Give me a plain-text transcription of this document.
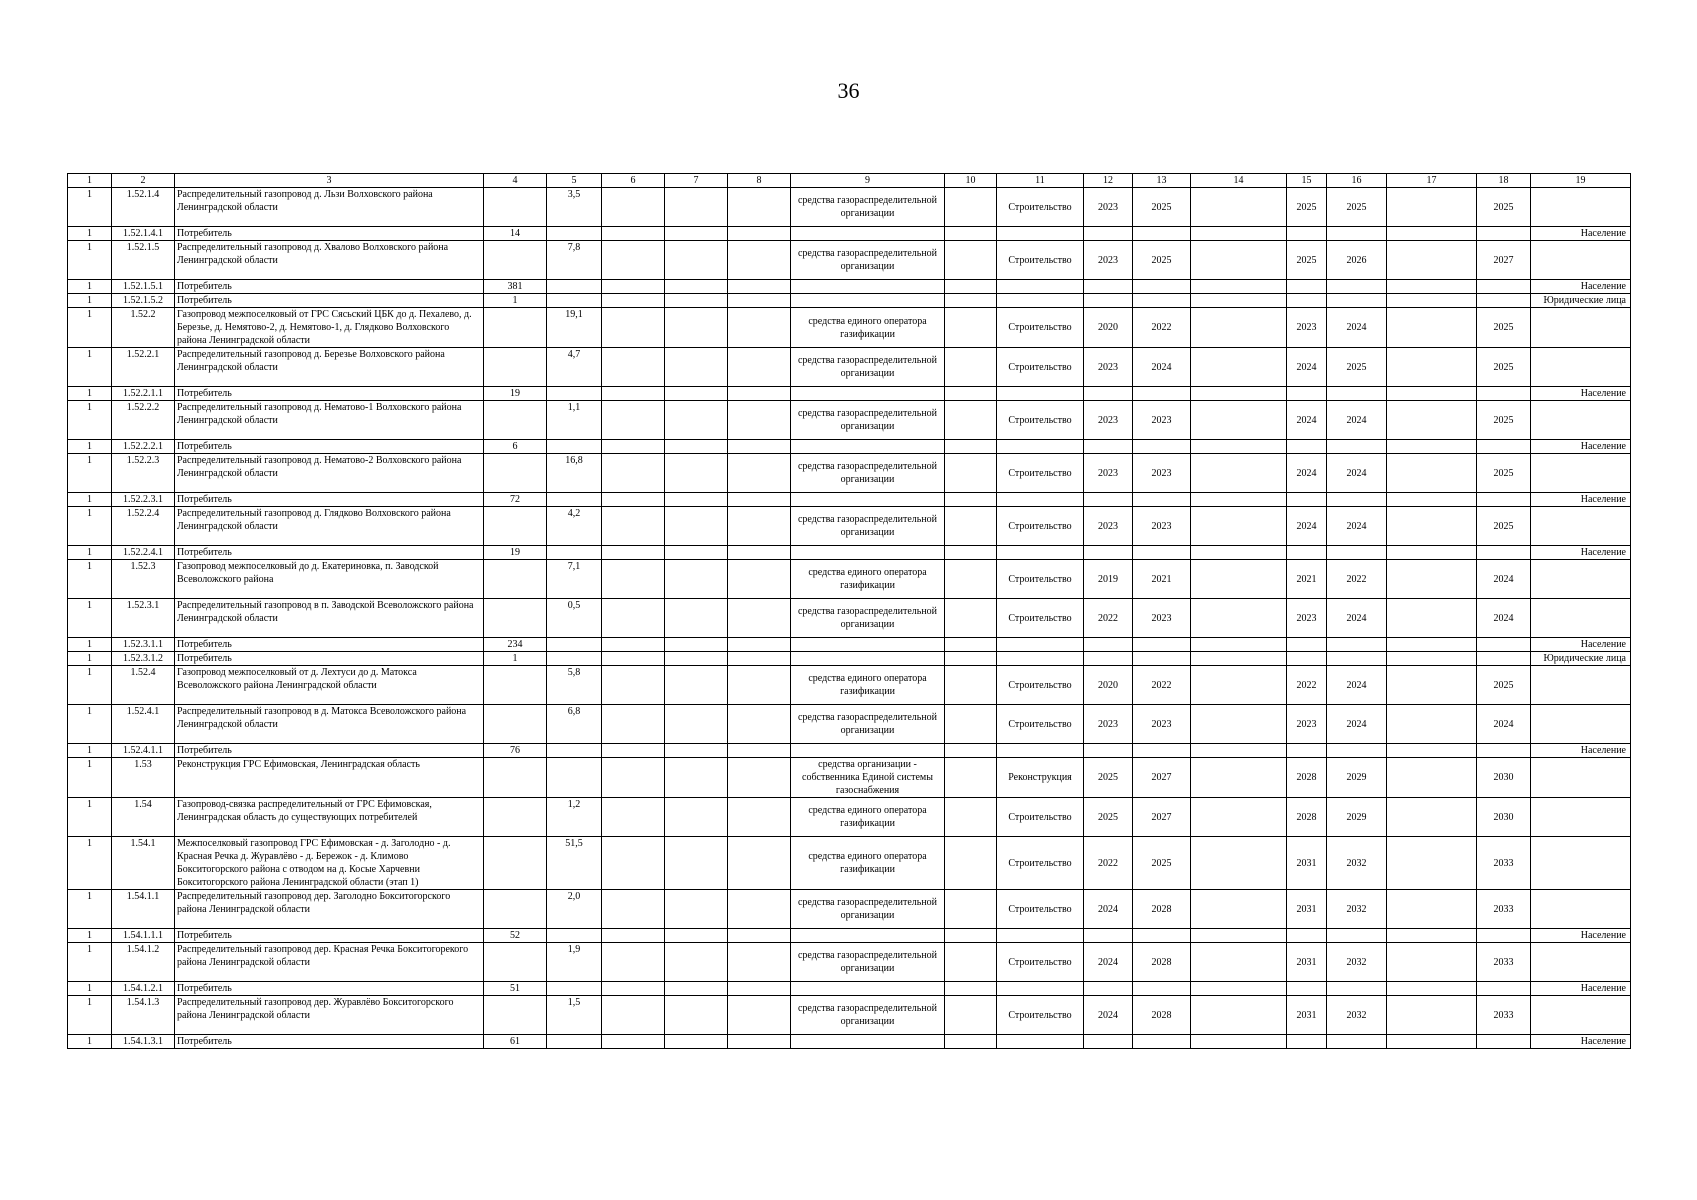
36
1	2	3	4	5	6	7	8	9	10	11	12	13	14	15	16	17	18	19
1	1.52.1.4	Распределительный газопровод д. Льзи Волховского района Ленинградской области		3,5				средства газораспределительной организации		Строительство	2023	2025		2025	2025		2025	
1	1.52.1.4.1	Потребитель	14															Население
1	1.52.1.5	Распределительный газопровод д. Хвалово Волховского района Ленинградской области		7,8				средства газораспределительной организации		Строительство	2023	2025		2025	2026		2027	
1	1.52.1.5.1	Потребитель	381															Население
1	1.52.1.5.2	Потребитель	1															Юридические лица
1	1.52.2	Газопровод межпоселковый от ГРС Сясьский ЦБК до д. Пехалево, д. Березье, д. Немятово-2, д. Немятово-1, д. Глядково Волховского района Ленинградской области		19,1				средства единого оператора газификации		Строительство	2020	2022		2023	2024		2025	
1	1.52.2.1	Распределительный газопровод д. Березье Волховского района Ленинградской области		4,7				средства газораспределительной организации		Строительство	2023	2024		2024	2025		2025	
1	1.52.2.1.1	Потребитель	19															Население
1	1.52.2.2	Распределительный газопровод д. Нематово-1 Волховского района Ленинградской области		1,1				средства газораспределительной организации		Строительство	2023	2023		2024	2024		2025	
1	1.52.2.2.1	Потребитель	6															Население
1	1.52.2.3	Распределительный газопровод д. Нематово-2 Волховского района Ленинградской области		16,8				средства газораспределительной организации		Строительство	2023	2023		2024	2024		2025	
1	1.52.2.3.1	Потребитель	72															Население
1	1.52.2.4	Распределительный газопровод д. Глядково Волховского района Ленинградской области		4,2				средства газораспределительной организации		Строительство	2023	2023		2024	2024		2025	
1	1.52.2.4.1	Потребитель	19															Население
1	1.52.3	Газопровод межпоселковый до д. Екатериновка, п. Заводской Всеволожского района		7,1				средства единого оператора газификации		Строительство	2019	2021		2021	2022		2024	
1	1.52.3.1	Распределительный газопровод в п. Заводской Всеволожского района Ленинградской области		0,5				средства газораспределительной организации		Строительство	2022	2023		2023	2024		2024	
1	1.52.3.1.1	Потребитель	234															Население
1	1.52.3.1.2	Потребитель	1															Юридические лица
1	1.52.4	Газопровод межпоселковый от д. Лехтуси до д. Матокса Всеволожского района Ленинградской области		5,8				средства единого оператора газификации		Строительство	2020	2022		2022	2024		2025	
1	1.52.4.1	Распределительный газопровод в д. Матокса Всеволожского района Ленинградской области		6,8				средства газораспределительной организации		Строительство	2023	2023		2023	2024		2024	
1	1.52.4.1.1	Потребитель	76															Население
1	1.53	Реконструкция ГРС Ефимовская, Ленинградская область						средства организации - собственника Единой системы газоснабжения		Реконструкция	2025	2027		2028	2029		2030	
1	1.54	Газопровод-связка распределительный от ГРС Ефимовская, Ленинградская область до существующих потребителей		1,2				средства единого оператора газификации		Строительство	2025	2027		2028	2029		2030	
1	1.54.1	Межпоселковый газопровод ГРС Ефимовская - д. Заголодно - д. Красная Речка д. Журавлёво - д. Бережок - д. Климово Бокситогорского района с отводом на д. Косые Харчевни Бокситогорского района Ленинградской области (этап 1)		51,5				средства единого оператора газификации		Строительство	2022	2025		2031	2032		2033	
1	1.54.1.1	Распределительный газопровод дер. Заголодно Бокситогорского района Ленинградской области		2,0				средства газораспределительной организации		Строительство	2024	2028		2031	2032		2033	
1	1.54.1.1.1	Потребитель	52															Население
1	1.54.1.2	Распределительный газопровод дер. Красная Речка Бокситогорекого района Ленинградской области		1,9				средства газораспределительной организации		Строительство	2024	2028		2031	2032		2033	
1	1.54.1.2.1	Потребитель	51															Население
1	1.54.1.3	Распределительный газопровод дер. Журавлёво Бокситогорского района Ленинградской области		1,5				средства газораспределительной организации		Строительство	2024	2028		2031	2032		2033	
1	1.54.1.3.1	Потребитель	61															Население
